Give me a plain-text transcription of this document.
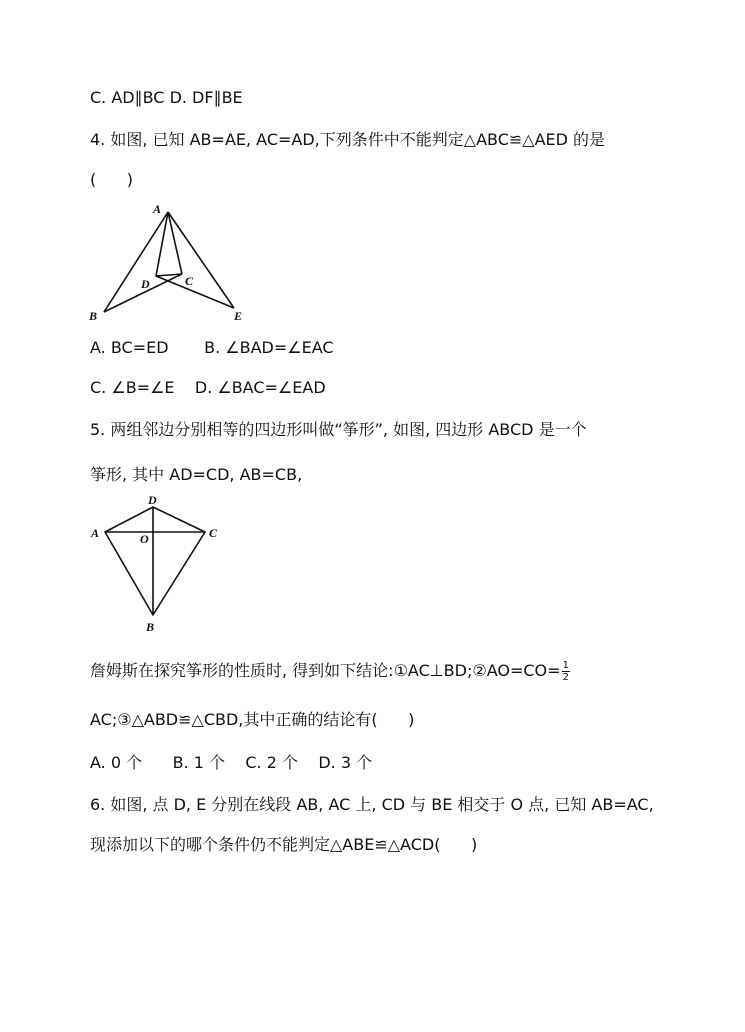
C. AD∥BC D. DF∥BE
4. 如图, 已知 AB=AE, AC=AD,下列条件中不能判定△ABC≌△AED 的是
(      )
A
D	C
B	E
A. BC=ED       B. ∠BAD=∠EAC
C. ∠B=∠E    D. ∠BAC=∠EAD
5. 两组邻边分别相等的四边形叫做“筝形”, 如图, 四边形 ABCD 是一个
筝形, 其中 AD=CD, AB=CB,
D
A	C
O
B
詹姆斯在探究筝形的性质时, 得到如下结论:①AC⊥BD;②AO=CO= $\frac{1}{2}$
AC;③△ABD≌△CBD,其中正确的结论有(      )
A. 0 个      B. 1 个    C. 2 个    D. 3 个
6. 如图, 点 D, E 分别在线段 AB, AC 上, CD 与 BE 相交于 O 点, 已知 AB=AC,
现添加以下的哪个条件仍不能判定△ABE≌△ACD(      )
